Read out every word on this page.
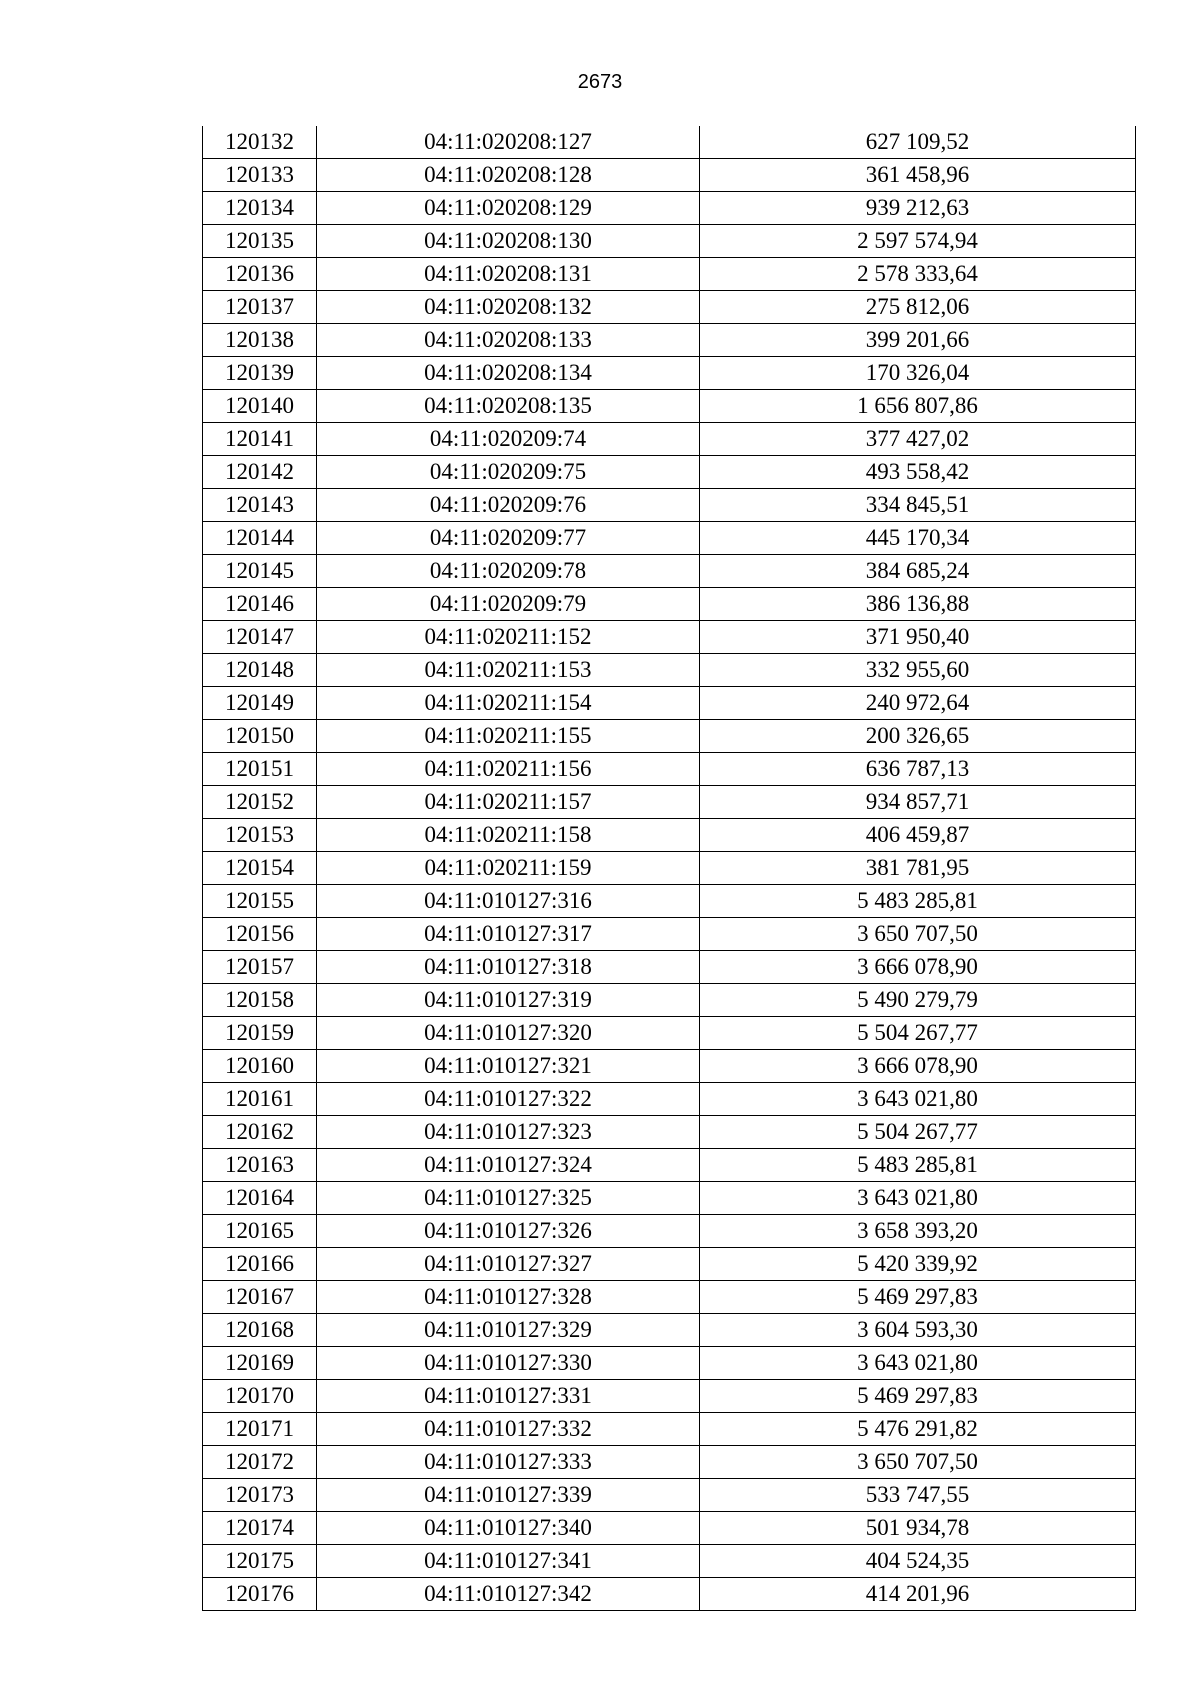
2673
120132	04:11:020208:127	627 109,52
120133	04:11:020208:128	361 458,96
120134	04:11:020208:129	939 212,63
120135	04:11:020208:130	2 597 574,94
120136	04:11:020208:131	2 578 333,64
120137	04:11:020208:132	275 812,06
120138	04:11:020208:133	399 201,66
120139	04:11:020208:134	170 326,04
120140	04:11:020208:135	1 656 807,86
120141	04:11:020209:74	377 427,02
120142	04:11:020209:75	493 558,42
120143	04:11:020209:76	334 845,51
120144	04:11:020209:77	445 170,34
120145	04:11:020209:78	384 685,24
120146	04:11:020209:79	386 136,88
120147	04:11:020211:152	371 950,40
120148	04:11:020211:153	332 955,60
120149	04:11:020211:154	240 972,64
120150	04:11:020211:155	200 326,65
120151	04:11:020211:156	636 787,13
120152	04:11:020211:157	934 857,71
120153	04:11:020211:158	406 459,87
120154	04:11:020211:159	381 781,95
120155	04:11:010127:316	5 483 285,81
120156	04:11:010127:317	3 650 707,50
120157	04:11:010127:318	3 666 078,90
120158	04:11:010127:319	5 490 279,79
120159	04:11:010127:320	5 504 267,77
120160	04:11:010127:321	3 666 078,90
120161	04:11:010127:322	3 643 021,80
120162	04:11:010127:323	5 504 267,77
120163	04:11:010127:324	5 483 285,81
120164	04:11:010127:325	3 643 021,80
120165	04:11:010127:326	3 658 393,20
120166	04:11:010127:327	5 420 339,92
120167	04:11:010127:328	5 469 297,83
120168	04:11:010127:329	3 604 593,30
120169	04:11:010127:330	3 643 021,80
120170	04:11:010127:331	5 469 297,83
120171	04:11:010127:332	5 476 291,82
120172	04:11:010127:333	3 650 707,50
120173	04:11:010127:339	533 747,55
120174	04:11:010127:340	501 934,78
120175	04:11:010127:341	404 524,35
120176	04:11:010127:342	414 201,96
